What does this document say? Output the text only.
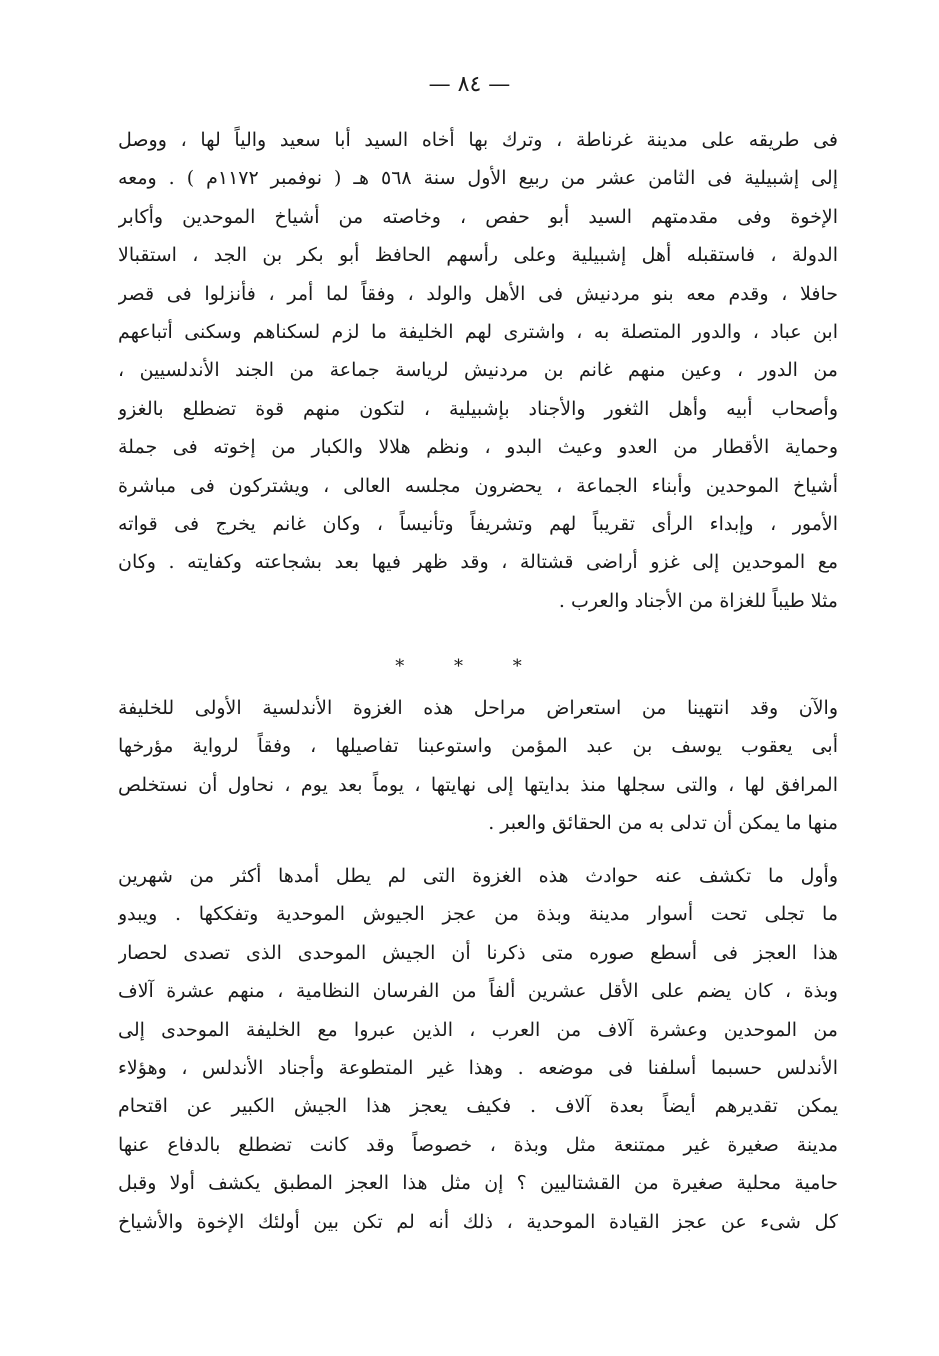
— ٨٤ —
فى طريقه على مدينة غرناطة ، وترك بها أخاه السيد أبا سعيد والياً لها ، ووصل
إلى إشبيلية فى الثامن عشر من ربيع الأول سنة ٥٦٨ هـ ( نوفمبر ١١٧٢م ) . ومعه
الإخوة وفى مقدمتهم السيد أبو حفص ، وخاصته من أشياخ الموحدين وأكابر
الدولة ، فاستقبله أهل إشبيلية وعلى رأسهم الحافظ أبو بكر بن الجد ، استقبالا
حافلا ، وقدم معه بنو مردنيش فى الأهل والولد ، وفقاً لما أمر ، فأنزلوا فى قصر
ابن عباد ، والدور المتصلة به ، واشترى لهم الخليفة ما لزم لسكناهم وسكنى أتباعهم
من الدور ، وعين منهم غانم بن مردنيش لرياسة جماعة من الجند الأندلسيين ،
وأصحاب أبيه وأهل الثغور والأجناد بإشبيلية ، لتكون منهم قوة تضطلع بالغزو
وحماية الأقطار من العدو وعيث البدو ، ونظم هلالا والكبار من إخوته فى جملة
أشياخ الموحدين وأبناء الجماعة ، يحضرون مجلسه العالى ، ويشتركون فى مباشرة
الأمور ، وإبداء الرأى تقريباً لهم وتشريفاً وتأنيساً ، وكان غانم يخرج فى قواته
مع الموحدين إلى غزو أراضى قشتالة ، وقد ظهر فيها بعد بشجاعته وكفايته . وكان
مثلا طيباً للغزاة من الأجناد والعرب .
* * *
والآن وقد انتهينا من استعراض مراحل هذه الغزوة الأندلسية الأولى للخليفة
أبى يعقوب يوسف بن عبد المؤمن واستوعبنا تفاصيلها ، وفقاً لرواية مؤرخها
المرافق لها ، والتى سجلها منذ بدايتها إلى نهايتها ، يوماً بعد يوم ، نحاول أن نستخلص
منها ما يمكن أن تدلى به من الحقائق والعبر .
وأول ما تكشف عنه حوادث هذه الغزوة التى لم يطل أمدها أكثر من شهرين
ما تجلى تحت أسوار مدينة وبذة من عجز الجيوش الموحدية وتفككها . ويبدو
هذا العجز فى أسطع صوره متى ذكرنا أن الجيش الموحدى الذى تصدى لحصار
وبذة ، كان يضم على الأقل عشرين ألفاً من الفرسان النظامية ، منهم عشرة آلاف
من الموحدين وعشرة آلاف من العرب ، الذين عبروا مع الخليفة الموحدى إلى
الأندلس حسبما أسلفنا فى موضعه . وهذا غير المتطوعة وأجناد الأندلس ، وهؤلاء
يمكن تقديرهم أيضاً بعدة آلاف . فكيف يعجز هذا الجيش الكبير عن اقتحام
مدينة صغيرة غير ممتنعة مثل وبذة ، خصوصاً وقد كانت تضطلع بالدفاع عنها
حامية محلية صغيرة من القشتاليين ؟ إن مثل هذا العجز المطبق يكشف أولا وقبل
كل شىء عن عجز القيادة الموحدية ، ذلك أنه لم تكن بين أولئك الإخوة والأشياخ
